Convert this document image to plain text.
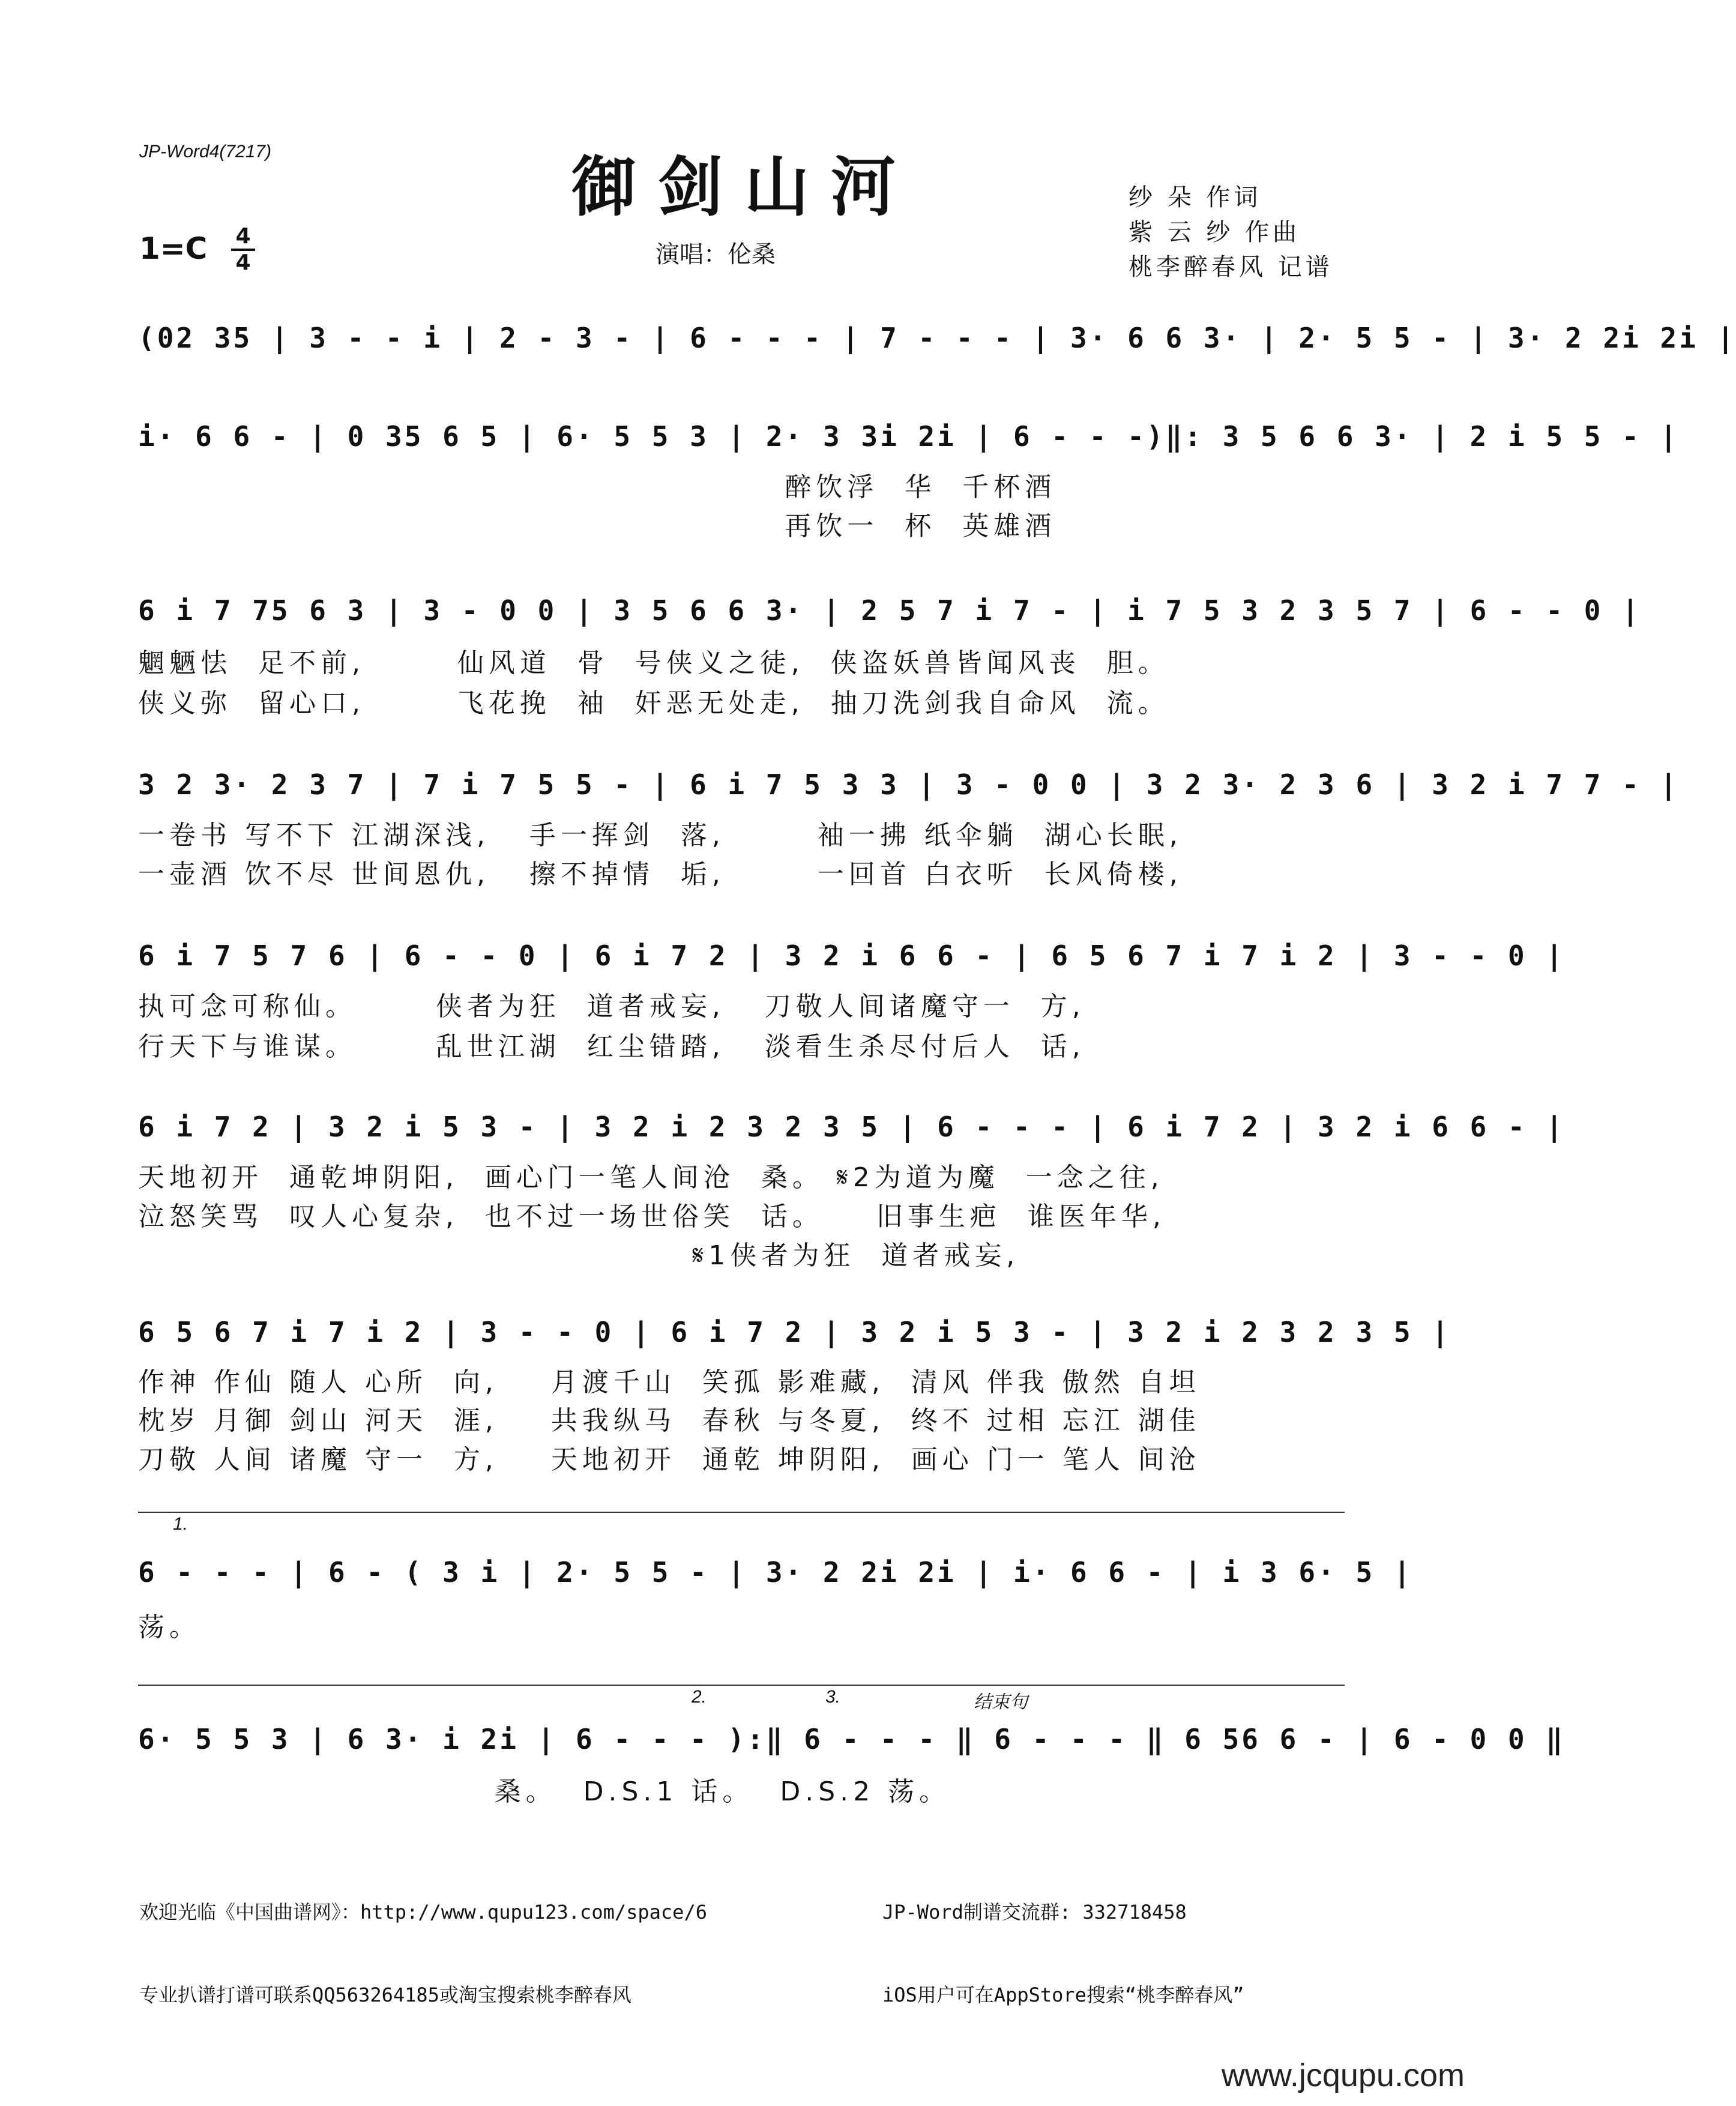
JP-Word4(7217)	御剑山河
演唱：伦桑
纱 朵 作词
紫 云 纱 作曲
桃李醉春风 记谱
1=C 4
4
(02 35 | 3 - - i | 2 - 3 - | 6 - - - | 7 - - - | 3· 6 6 3· | 2· 5 5 - | 3· 2 2i 2i |
i· 6 6 - | 0 35 6 5 | 6· 5 5 3 | 2· 3 3i 2i | 6 - - -)‖: 3 5 6 6 3· | 2 i 5 5 - |
醉饮浮  华  千杯酒
再饮一  杯  英雄酒
6 i 7 75 6 3 | 3 - 0 0 | 3 5 6 6 3· | 2 5 7 i 7 - | i 7 5 3 2 3 5 7 | 6 - - 0 |
魍魉怯  足不前,       仙风道  骨  号侠义之徒,  侠盗妖兽皆闻风丧  胆。
侠义弥  留心口,       飞花挽  袖  奸恶无处走,  抽刀洗剑我自命风  流。
3 2 3· 2 3 7 | 7 i 7 5 5 - | 6 i 7 5 3 3 | 3 - 0 0 | 3 2 3· 2 3 6 | 3 2 i 7 7 - |
一卷书 写不下 江湖深浅,   手一挥剑  落,       袖一拂 纸伞躺  湖心长眠,
一壶酒 饮不尽 世间恩仇,   擦不掉情  垢,       一回首 白衣听  长风倚楼,
6 i 7 5 7 6 | 6 - - 0 | 6 i 7 2 | 3 2 i 6 6 - | 6 5 6 7 i 7 i 2 | 3 - - 0 |
执可念可称仙。      侠者为狂  道者戒妄,   刀敬人间诸魔守一  方,
行天下与谁谋。      乱世江湖  红尘错踏,   淡看生杀尽付后人  话,
6 i 7 2 | 3 2 i 5 3 - | 3 2 i 2 3 2 3 5 | 6 - - - | 6 i 7 2 | 3 2 i 6 6 - |
天地初开  通乾坤阴阳,  画心门一笔人间沧  桑。 𝄋2为道为魔  一念之往,
泣怒笑骂  叹人心复杂,  也不过一场世俗笑  话。    旧事生疤  谁医年华,
𝄋1侠者为狂  道者戒妄,
6 5 6 7 i 7 i 2 | 3 - - 0 | 6 i 7 2 | 3 2 i 5 3 - | 3 2 i 2 3 2 3 5 |
作神 作仙 随人 心所  向,    月渡千山  笑孤 影难藏,  清风 伴我 傲然 自坦
枕岁 月御 剑山 河天  涯,    共我纵马  春秋 与冬夏,  终不 过相 忘江 湖佳
刀敬 人间 诸魔 守一  方,    天地初开  通乾 坤阴阳,  画心 门一 笔人 间沧
1.
6 - - - | 6 - ( 3 i | 2· 5 5 - | 3· 2 2i 2i | i· 6 6 - | i 3 6· 5 |
荡。
2.	3.	结束句
6· 5 5 3 | 6 3· i 2i | 6 - - - ):‖ 6 - - - ‖ 6 - - - ‖ 6 56 6 - | 6 - 0 0 ‖
桑。  D.S.1 话。  D.S.2 荡。

欢迎光临《中国曲谱网》：http://www.qupu123.com/space/6

专业扒谱打谱可联系QQ563264185或淘宝搜索桃李醉春风

JP-Word制谱交流群: 332718458

iOS用户可在AppStore搜索“桃李醉春风”

www.jcqupu.com
